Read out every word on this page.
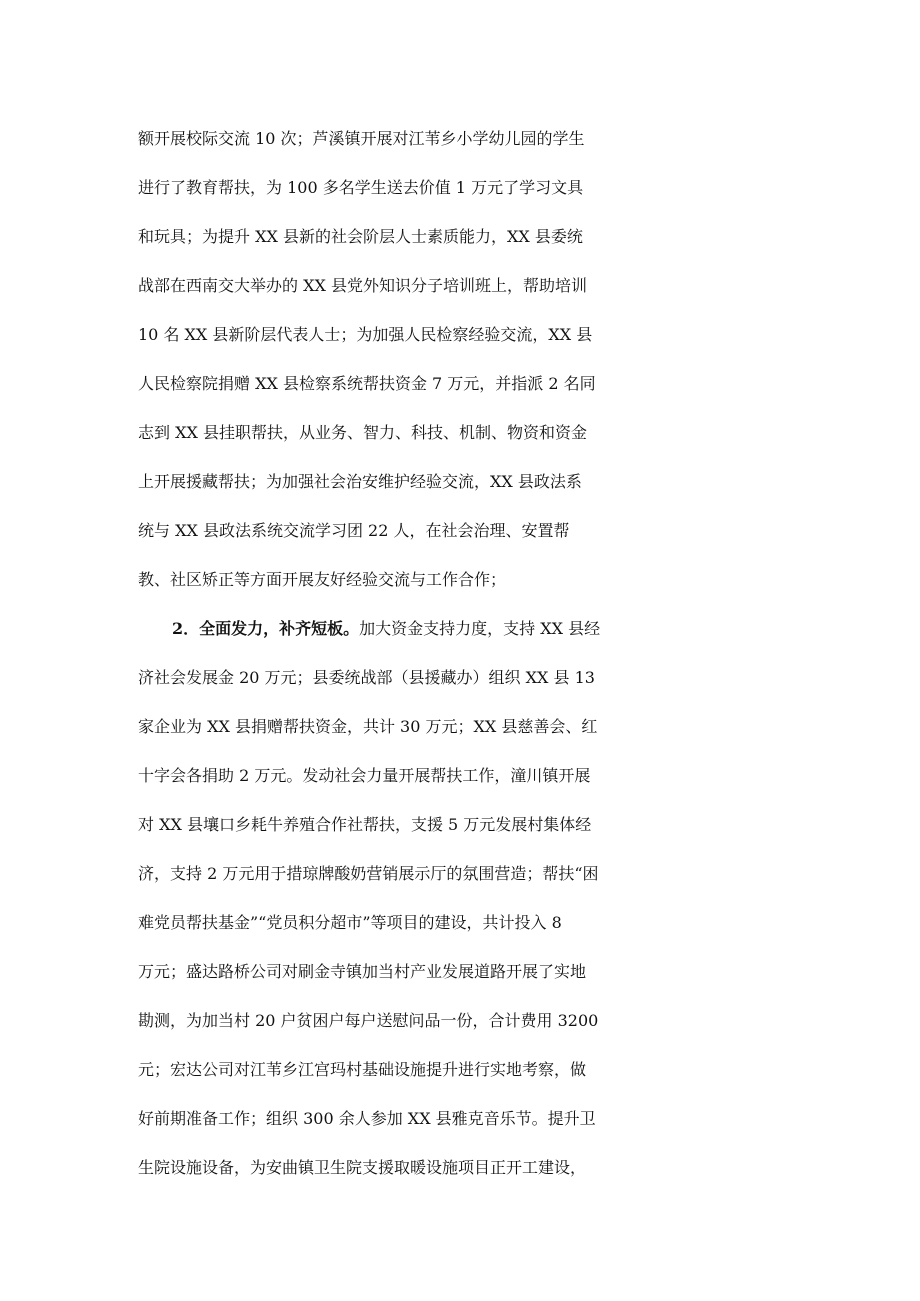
额开展校际交流 10 次；芦溪镇开展对江苇乡小学幼儿园的学生
进行了教育帮扶，为 100 多名学生送去价值 1 万元了学习文具
和玩具；为提升 XX 县新的社会阶层人士素质能力，XX 县委统
战部在西南交大举办的 XX 县党外知识分子培训班上，帮助培训
10 名 XX 县新阶层代表人士；为加强人民检察经验交流，XX 县
人民检察院捐赠 XX 县检察系统帮扶资金 7 万元，并指派 2 名同
志到 XX 县挂职帮扶，从业务、智力、科技、机制、物资和资金
上开展援藏帮扶；为加强社会治安维护经验交流，XX 县政法系
统与 XX 县政法系统交流学习团 22 人，在社会治理、安置帮
教、社区矫正等方面开展友好经验交流与工作合作；
2．全面发力，补齐短板。加大资金支持力度，支持 XX 县经
济社会发展金 20 万元；县委统战部（县援藏办）组织 XX 县 13
家企业为 XX 县捐赠帮扶资金，共计 30 万元；XX 县慈善会、红
十字会各捐助 2 万元。发动社会力量开展帮扶工作，潼川镇开展
对 XX 县壤口乡耗牛养殖合作社帮扶，支援 5 万元发展村集体经
济，支持 2 万元用于措琼牌酸奶营销展示厅的氛围营造；帮扶“困
难党员帮扶基金”“党员积分超市”等项目的建设，共计投入 8
万元；盛达路桥公司对刷金寺镇加当村产业发展道路开展了实地
勘测，为加当村 20 户贫困户每户送慰问品一份，合计费用 3200
元；宏达公司对江苇乡江宫玛村基础设施提升进行实地考察，做
好前期准备工作；组织 300 余人参加 XX 县雅克音乐节。提升卫
生院设施设备，为安曲镇卫生院支援取暖设施项目正开工建设，
